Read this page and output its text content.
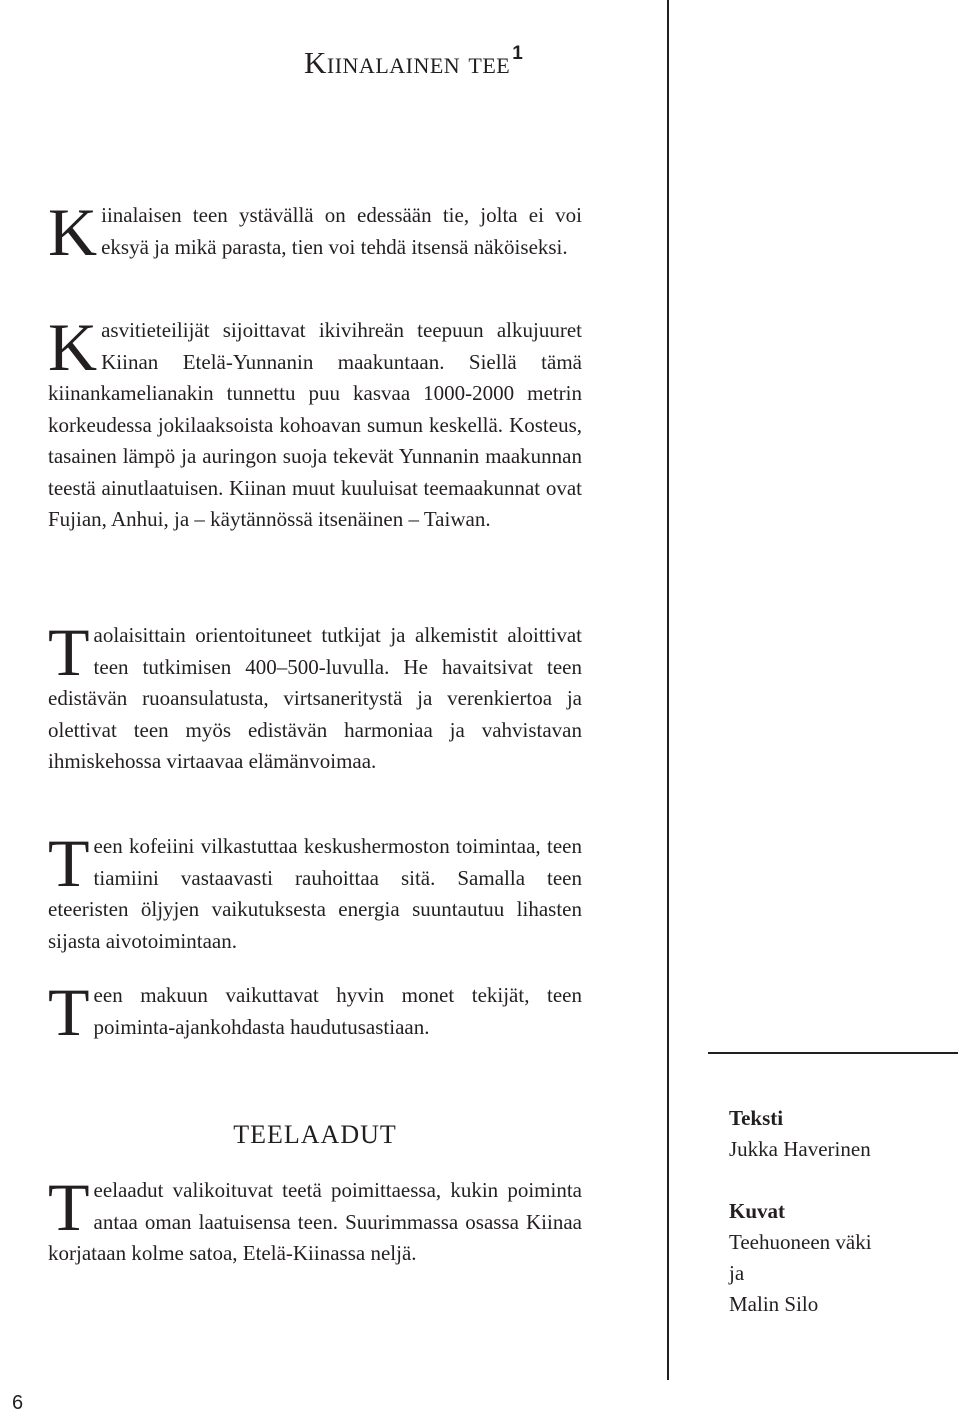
Kiinalainen tee $^1$

Kiinalaisen teen ystävällä on edessään tie, jolta ei voi eksyä ja mikä parasta, tien voi tehdä itsensä näköiseksi.

Kasvitieteilijät sijoittavat ikivihreän teepuun alkujuuret Kiinan Etelä-Yunnanin maakuntaan. Siellä tämä kiinankamelianakin tunnettu puu kasvaa 1000-2000 metrin korkeudessa jokilaaksoista kohoavan sumun keskellä. Kosteus, tasainen lämpö ja auringon suoja tekevät Yunnanin maakunnan teestä ainutlaatuisen. Kiinan muut kuuluisat teemaakunnat ovat Fujian, Anhui, ja – käytännössä itsenäinen – Taiwan.

Taolaisittain orientoituneet tutkijat ja alkemistit aloittivat teen tutkimisen 400–500-luvulla. He havaitsivat teen edistävän ruoansulatusta, virtsaneritystä ja verenkiertoa ja olettivat teen myös edistävän harmoniaa ja vahvistavan ihmiskehossa virtaavaa elämänvoimaa.

Teen kofeiini vilkastuttaa keskushermoston toimintaa, teen tiamiini vastaavasti rauhoittaa sitä. Samalla teen eteeristen öljyjen vaikutuksesta energia suuntautuu lihasten sijasta aivotoimintaan.

Teen makuun vaikuttavat hyvin monet tekijät, teen poiminta-ajankohdasta haudutusastiaan.

TEELAADUT

Teelaadut valikoituvat teetä poimittaessa, kukin poiminta antaa oman laatuisensa teen. Suurimmassa osassa Kiinaa korjataan kolme satoa, Etelä-Kiinassa neljä.

Teksti
Jukka Haverinen
Kuvat
Teehuoneen väki
ja
Malin Silo
6
